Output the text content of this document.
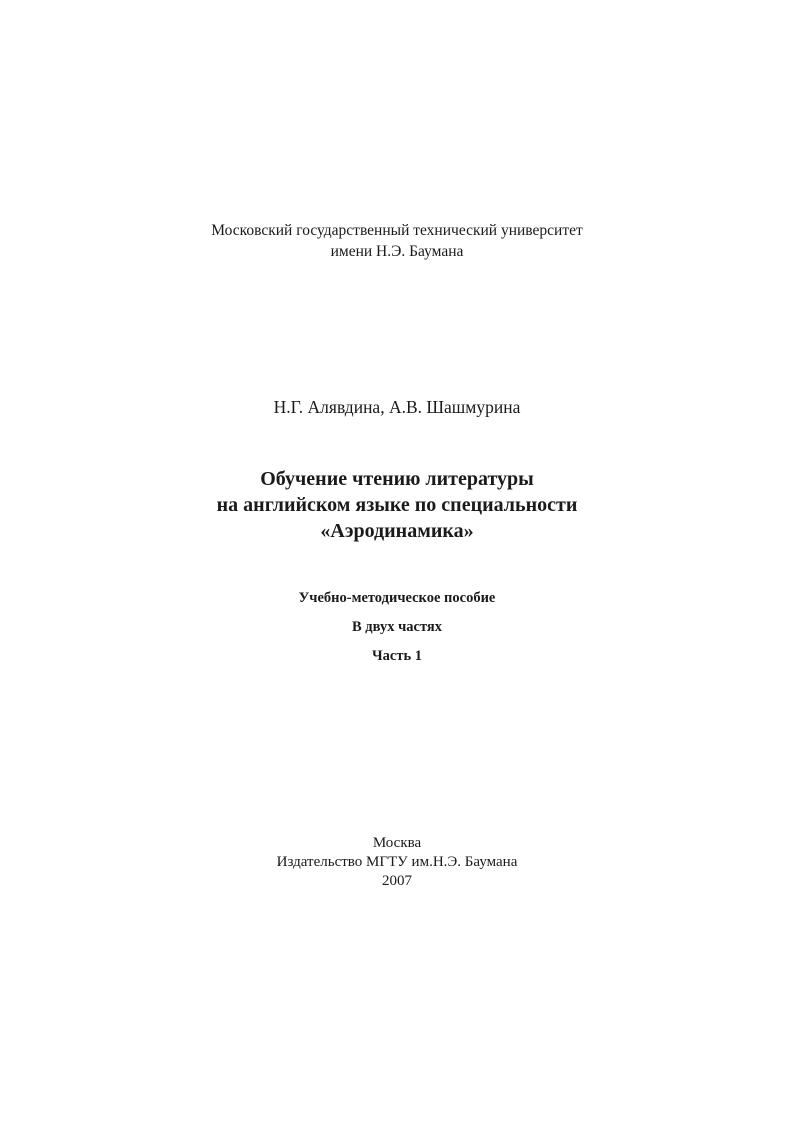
Московский государственный технический университет
имени Н.Э. Баумана
Н.Г. Алявдина, А.В. Шашмурина
Обучение чтению литературы
на английском языке по специальности
«Аэродинамика»
Учебно-методическое пособие
В двух частях
Часть 1
Москва
Издательство МГТУ им.Н.Э. Баумана
2007
